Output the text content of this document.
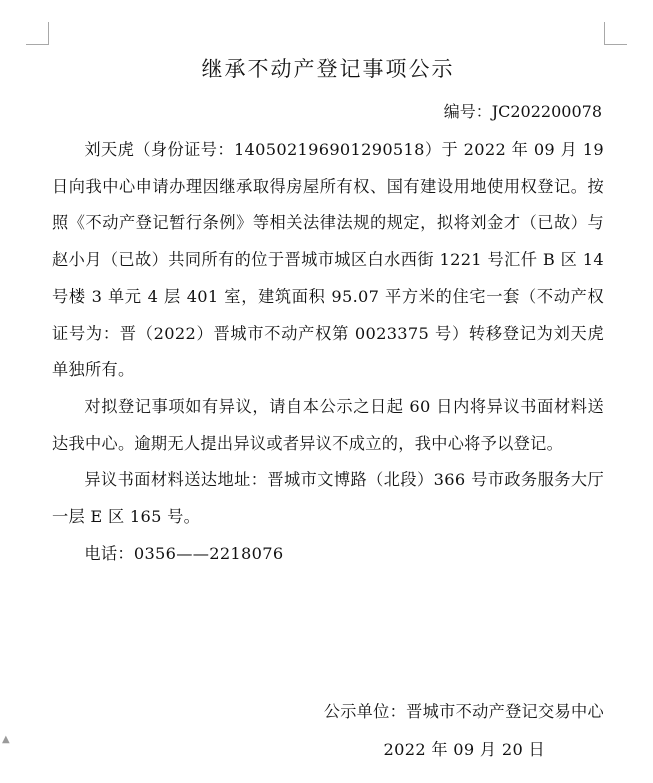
继承不动产登记事项公示
编号：JC202200078

刘天虎（身份证号：140502196901290518）于 2022 年 09 月 19 日向我中心申请办理因继承取得房屋所有权、国有建设用地使用权登记。按照《不动产登记暂行条例》等相关法律法规的规定，拟将刘金才（已故）与赵小月（已故）共同所有的位于晋城市城区白水西街 1221 号汇仟 B 区 14 号楼 3 单元 4 层 401 室，建筑面积 95.07 平方米的住宅一套（不动产权证号为：晋（2022）晋城市不动产权第 0023375 号）转移登记为刘天虎单独所有。

对拟登记事项如有异议，请自本公示之日起 60 日内将异议书面材料送达我中心。逾期无人提出异议或者异议不成立的，我中心将予以登记。

异议书面材料送达地址：晋城市文博路（北段）366 号市政务服务大厅一层 E 区 165 号。

电话：0356——2218076

公示单位：晋城市不动产登记交易中心
2022 年 09 月 20 日
▲
